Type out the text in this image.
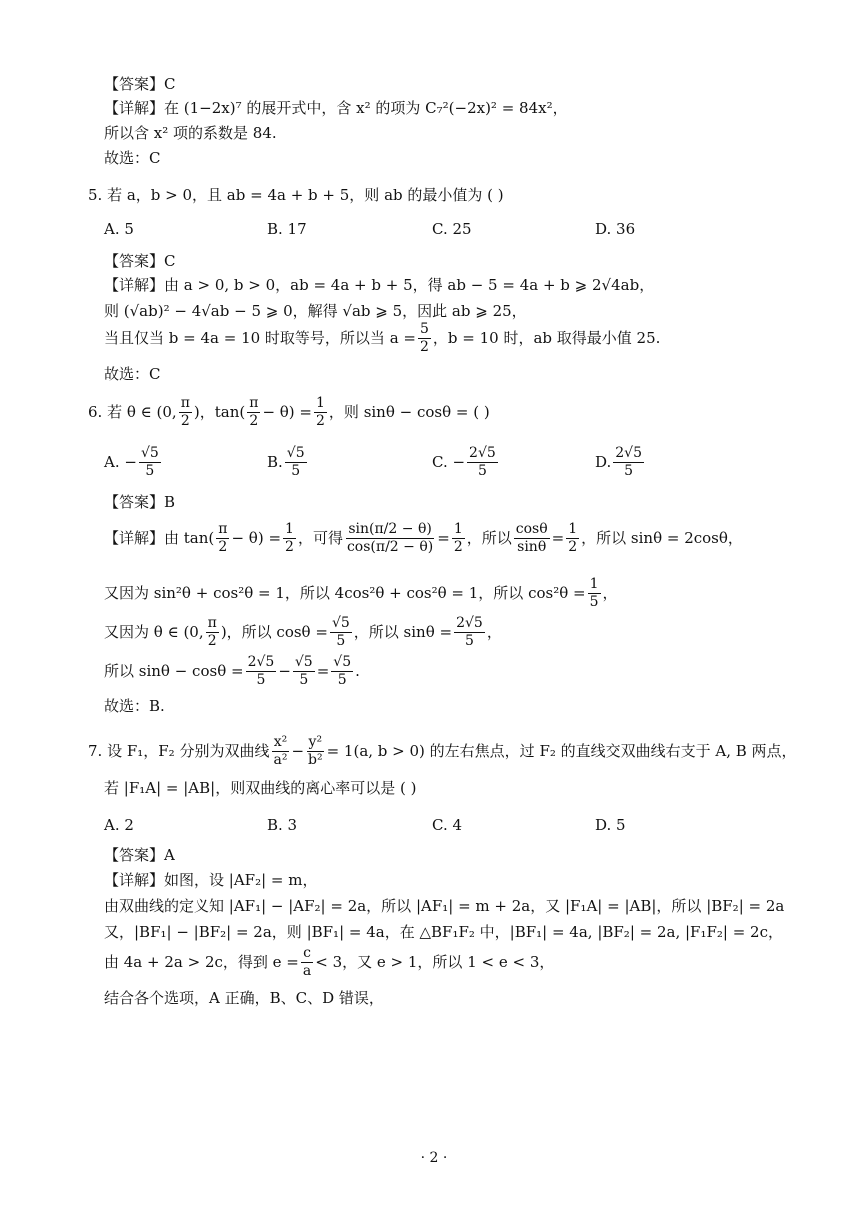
【答案】C
【详解】在 (1−2x)⁷ 的展开式中，含 x² 的项为 C₇²(−2x)² = 84x²，
所以含 x² 项的系数是 84.
故选：C
5. 若 a，b > 0，且 ab = 4a + b + 5，则 ab 的最小值为 ( )
A. 5	B. 17	C. 25	D. 36
【答案】C
【详解】由 a > 0, b > 0，ab = 4a + b + 5，得 ab − 5 = 4a + b ⩾ 2√4ab，
则 (√ab)² − 4√ab − 5 ⩾ 0，解得 √ab ⩾ 5，因此 ab ⩾ 25，
当且仅当 b = 4a = 10 时取等号，所以当 $a = \frac{5}{2}$ ，b = 10 时，ab 取得最小值 25.
故选：C
6. 若 θ ∈ (0, $\frac{\pi}{2}$ )，$\tan( \frac{\pi}{2} - \theta) = \frac{1}{2}$ ，则 sinθ − cosθ = ( )
A. − $\frac{√5}{5}$	B. $\frac{√5}{5}$	C. − $\frac{2√5}{5}$	D. $\frac{2√5}{5}$
【答案】B
【详解】由 $\tan( \frac{\pi}{2} - \theta) = \frac{1}{2}$ ，可得 $\frac{\sin(\pi/2 - \theta)}{\cos(\pi/2 - \theta)} = \frac{1}{2}$ ，所以 $\frac{\cos\theta}{\sin\theta} = \frac{1}{2}$ ，所以 sinθ = 2cosθ，
又因为 sin²θ + cos²θ = 1，所以 4cos²θ + cos²θ = 1，所以 $\cos^2\theta = \frac{1}{5}$ ，
又因为 θ ∈ (0, $\frac{\pi}{2}$ )，所以 $\cos\theta = \frac{√5}{5}$ ，所以 $\sin\theta = \frac{2√5}{5}$ ，
所以 $\sin\theta - \cos\theta = \frac{2√5}{5} - \frac{√5}{5} = \frac{√5}{5}$ .
故选：B.
7. 设 F₁，F₂ 分别为双曲线 $\frac{\text{x²}}{\text{a²}} - \frac{\text{y²}}{\text{b²}} = 1(a$, b > 0) 的左右焦点，过 F₂ 的直线交双曲线右支于 A, B 两点，
若 |F₁A| = |AB|，则双曲线的离心率可以是 ( )
A. 2	B. 3	C. 4	D. 5
【答案】A
【详解】如图，设 |AF₂| = m，
由双曲线的定义知 |AF₁| − |AF₂| = 2a，所以 |AF₁| = m + 2a，又 |F₁A| = |AB|，所以 |BF₂| = 2a
又，|BF₁| − |BF₂| = 2a，则 |BF₁| = 4a，在 △BF₁F₂ 中，|BF₁| = 4a, |BF₂| = 2a, |F₁F₂| = 2c，
由 4a + 2a > 2c，得到 $e = \frac{c}{a} < 3$，又 e > 1，所以 1 < e < 3，
结合各个选项，A 正确，B、C、D 错误，
· 2 ·
